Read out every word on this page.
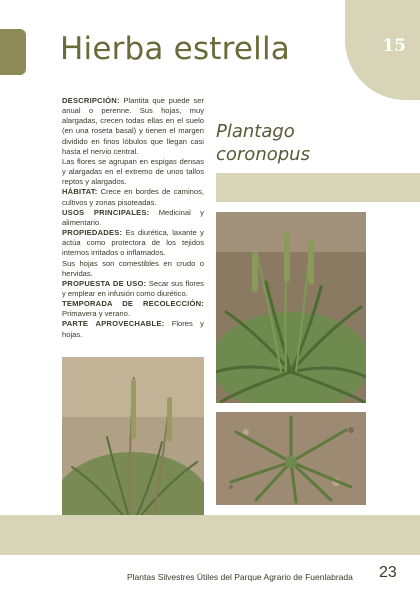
Hierba estrella	15

DESCRIPCIÓN: Plantita que puede ser anual o perenne. Sus hojas, muy alargadas, crecen todas ellas en el suelo (en una roseta basal) y tienen el margen dividido en finos lóbulos que llegan casi hasta el nervio central.

Las flores se agrupan en espigas densas y alargadas en el extremo de unos tallos reptos y alargados.

HÁBITAT: Crece en bordes de caminos, cultivos y zonas pisoteadas.

USOS PRINCIPALES: Medicinal y alimentario.

PROPIEDADES: Es diurética, laxante y actúa como protectora de los tejidos internos irritados o inflamados.

Sus hojas son comestibles en crudo o hervidas.

PROPUESTA DE USO: Secar sus flores y emplear en infusión como diurético.

TEMPORADA DE RECOLECCIÓN: Primavera y verano.

PARTE APROVECHABLE: Flores y hojas.

Plantago
coronopus
Plantas Silvestres Útiles del Parque Agrario de Fuenlabrada 23
